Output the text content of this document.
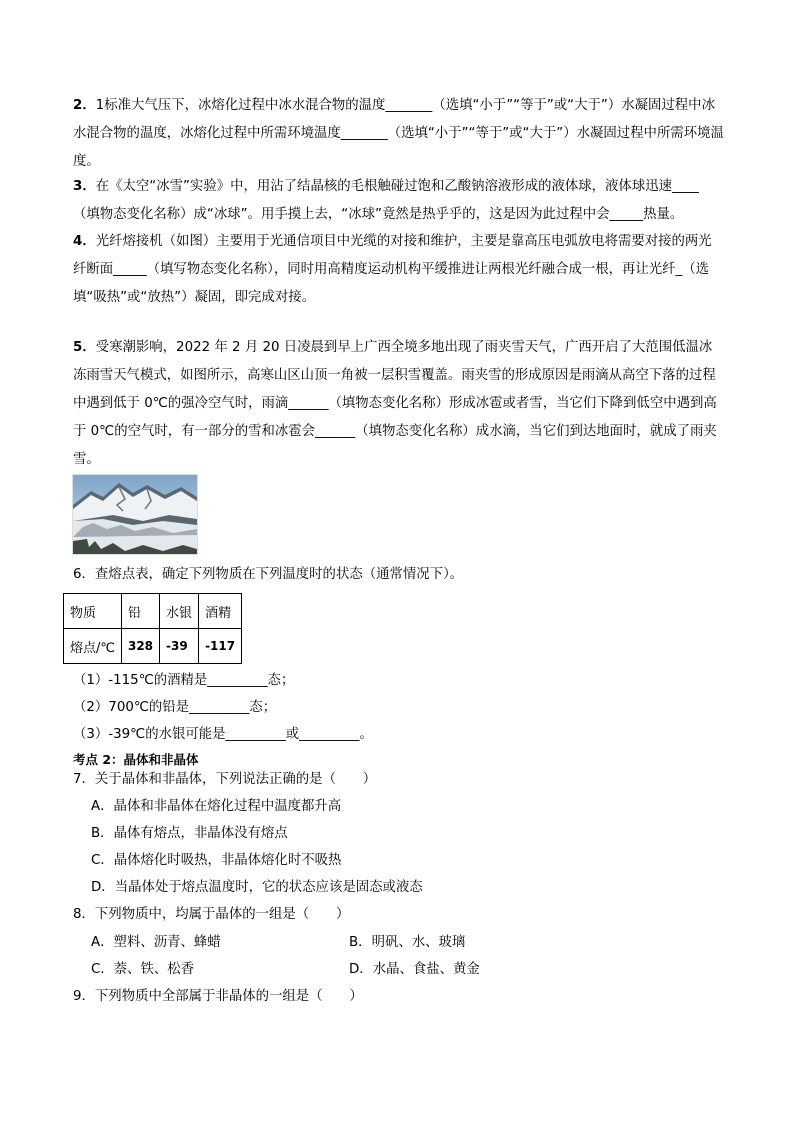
2．1标准大气压下，冰熔化过程中冰水混合物的温度_______（选填“小于”“等于”或“大于”）水凝固过程中冰水混合物的温度，冰熔化过程中所需环境温度_______（选填“小于”“等于”或“大于”）水凝固过程中所需环境温度。

3．在《太空“冰雪”实验》中，用沾了结晶核的毛根触碰过饱和乙酸钠溶液形成的液体球，液体球迅速____（填物态变化名称）成“冰球”。用手摸上去，“冰球”竟然是热乎乎的，这是因为此过程中会_____热量。

4．光纤熔接机（如图）主要用于光通信项目中光缆的对接和维护，主要是靠高压电弧放电将需要对接的两光纤断面_____（填写物态变化名称），同时用高精度运动机构平缓推进让两根光纤融合成一根，再让光纤_（选填“吸热”或“放热”）凝固，即完成对接。

5．受寒潮影响，2022 年 2 月 20 日凌晨到早上广西全境多地出现了雨夹雪天气，广西开启了大范围低温冰冻雨雪天气模式，如图所示，高寒山区山顶一角被一层积雪覆盖。雨夹雪的形成原因是雨滴从高空下落的过程中遇到低于 0℃的强冷空气时，雨滴______（填物态变化名称）形成冰雹或者雪，当它们下降到低空中遇到高于 0℃的空气时，有一部分的雪和冰雹会______（填物态变化名称）成水滴，当它们到达地面时，就成了雨夹雪。

6．查熔点表，确定下列物质在下列温度时的状态（通常情况下）。
物质	铅	水银	酒精
熔点/℃	328	-39	-117
（1）-115℃的酒精是_________态；
（2）700℃的铅是_________态；
（3）-39℃的水银可能是_________或_________。
考点 2：晶体和非晶体
7．关于晶体和非晶体，下列说法正确的是（　　）
A．晶体和非晶体在熔化过程中温度都升高
B．晶体有熔点，非晶体没有熔点
C．晶体熔化时吸热，非晶体熔化时不吸热
D．当晶体处于熔点温度时，它的状态应该是固态或液态
8．下列物质中，均属于晶体的一组是（　　）
A．塑料、沥青、蜂蜡	B．明矾、水、玻璃
C．萘、铁、松香	D．水晶、食盐、黄金
9．下列物质中全部属于非晶体的一组是（　　）
